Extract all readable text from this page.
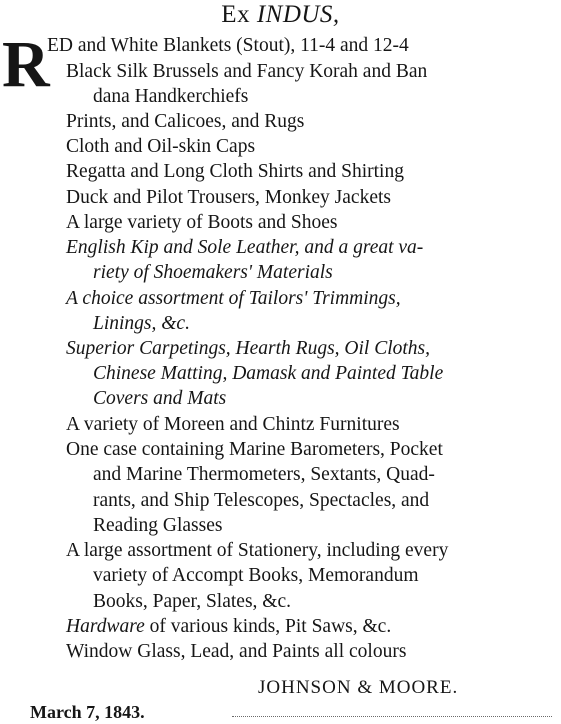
Ex INDUS,
R
ED and White Blankets (Stout), 11-4 and 12-4
Black Silk Brussels and Fancy Korah and Ban
dana Handkerchiefs
Prints, and Calicoes, and Rugs
Cloth and Oil-skin Caps
Regatta and Long Cloth Shirts and Shirting
Duck and Pilot Trousers, Monkey Jackets
A large variety of Boots and Shoes
English Kip and Sole Leather, and a great va-
riety of Shoemakers' Materials
A choice assortment of Tailors' Trimmings,
Linings, &c.
Superior Carpetings, Hearth Rugs, Oil Cloths,
Chinese Matting, Damask and Painted Table
Covers and Mats
A variety of Moreen and Chintz Furnitures
One case containing Marine Barometers, Pocket
and Marine Thermometers, Sextants, Quad-
rants, and Ship Telescopes, Spectacles, and
Reading Glasses
A large assortment of Stationery, including every
variety of Accompt Books, Memorandum
Books, Paper, Slates, &c.
Window Glass, Lead, and Paints all colours
Hardware of various kinds, Pit Saws, &c.
JOHNSON & MOORE.
March 7, 1843.
